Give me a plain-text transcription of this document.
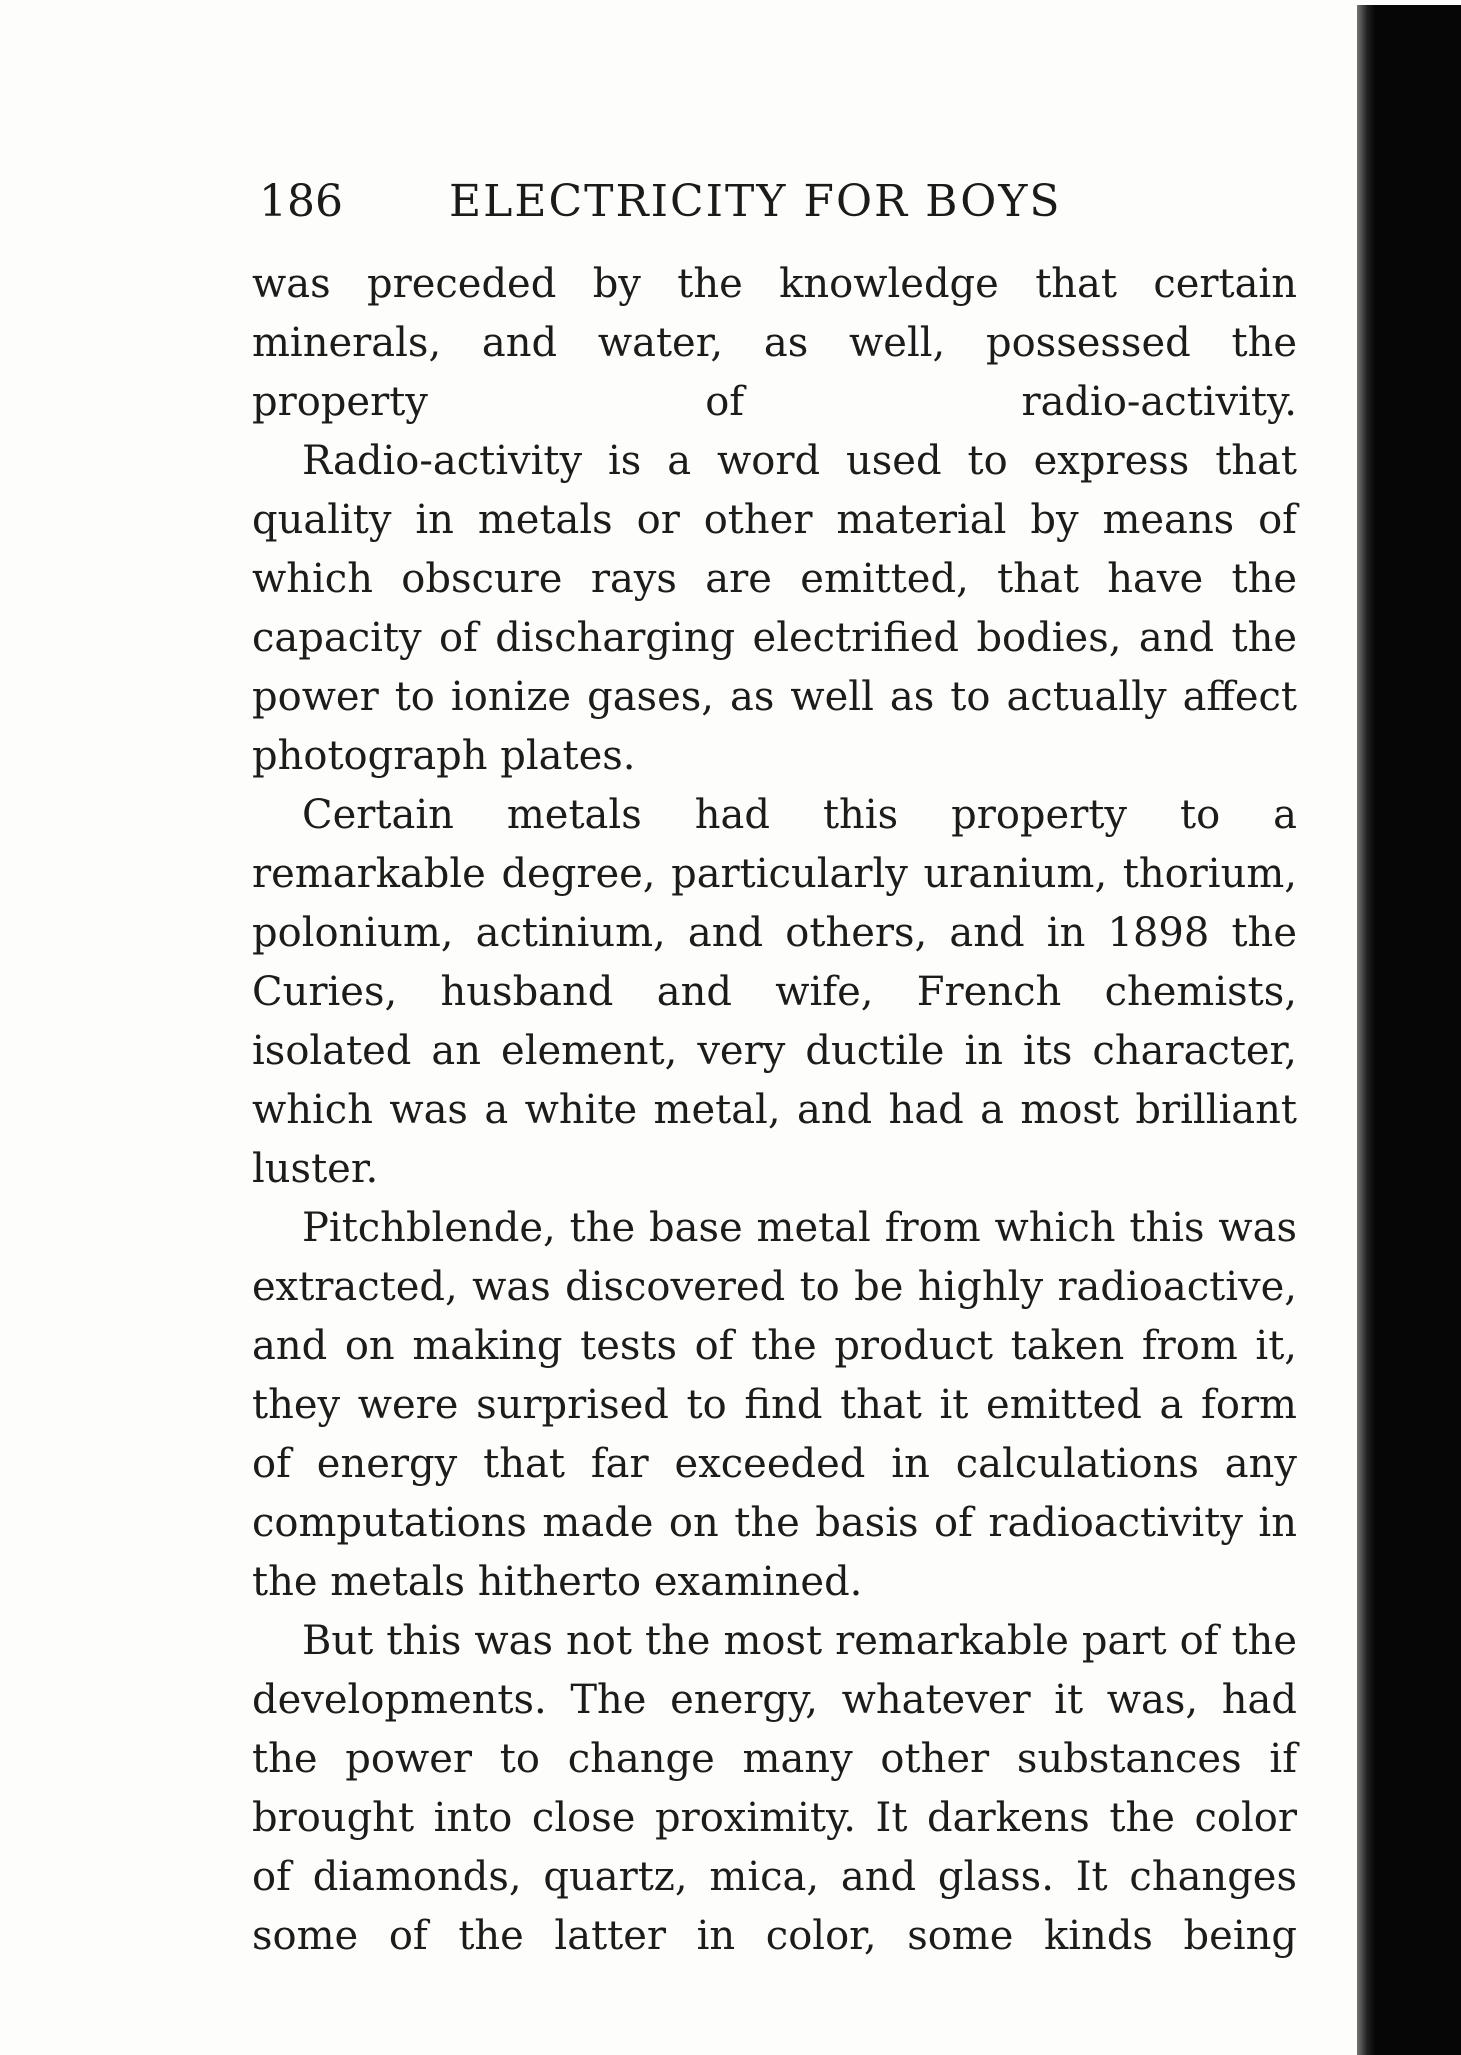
186 ELECTRICITY FOR BOYS

was preceded by the knowledge that certain minerals, and water, as well, possessed the property of radio-activity.

Radio-activity is a word used to express that quality in metals or other material by means of which obscure rays are emitted, that have the capacity of discharging electrified bodies, and the power to ionize gases, as well as to actually affect photograph plates.

Certain metals had this property to a remarkable degree, particularly uranium, thorium, polonium, actinium, and others, and in 1898 the Curies, husband and wife, French chemists, isolated an element, very ductile in its character, which was a white metal, and had a most brilliant luster.

Pitchblende, the base metal from which this was extracted, was discovered to be highly radioactive, and on making tests of the product taken from it, they were surprised to find that it emitted a form of energy that far exceeded in calculations any computations made on the basis of radioactivity in the metals hitherto examined.

But this was not the most remarkable part of the developments. The energy, whatever it was, had the power to change many other substances if brought into close proximity. It darkens the color of diamonds, quartz, mica, and glass. It changes some of the latter in color, some kinds being
